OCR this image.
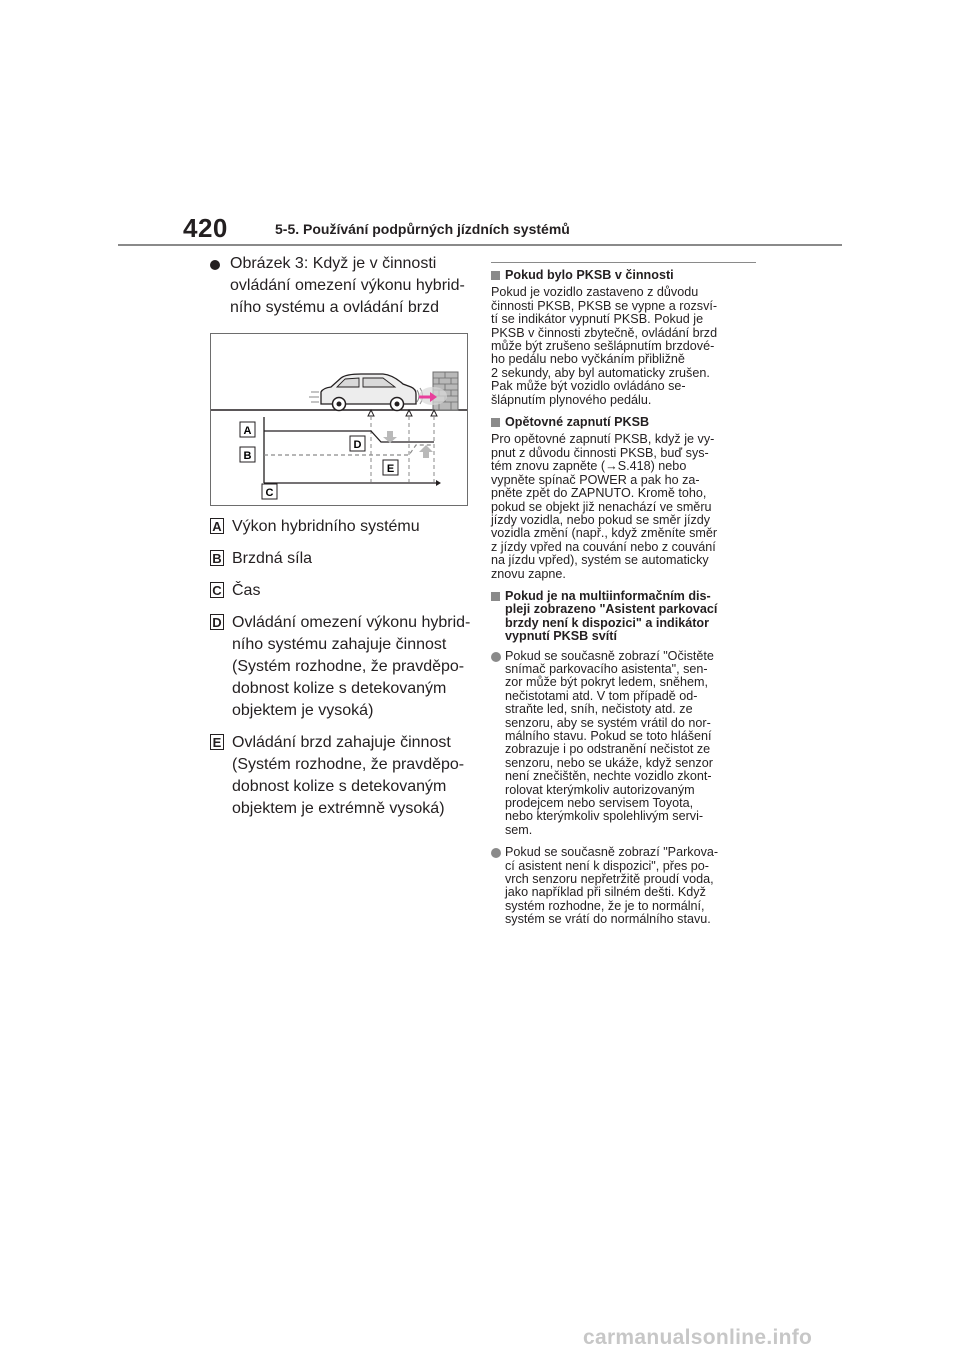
420	5-5. Používání podpůrných jízdních systémů
Obrázek 3: Když je v činnosti
ovládání omezení výkonu hybrid-
ního systému a ovládání brzd
A
B
C
D
E
A Výkon hybridního systému
B Brzdná síla
C Čas
D Ovládání omezení výkonu hybrid-
ního systému zahajuje činnost
(Systém rozhodne, že pravděpo-
dobnost kolize s detekovaným
objektem je vysoká)
E Ovládání brzd zahajuje činnost
(Systém rozhodne, že pravděpo-
dobnost kolize s detekovaným
objektem je extrémně vysoká)
Pokud bylo PKSB v činnosti
Pokud je vozidlo zastaveno z důvodu
činnosti PKSB, PKSB se vypne a rozsví-
tí se indikátor vypnutí PKSB. Pokud je
PKSB v činnosti zbytečně, ovládání brzd
může být zrušeno sešlápnutím brzdové-
ho pedálu nebo vyčkáním přibližně
2 sekundy, aby byl automaticky zrušen.
Pak může být vozidlo ovládáno se-
šlápnutím plynového pedálu.
Opětovné zapnutí PKSB
Pro opětovné zapnutí PKSB, když je vy-
pnut z důvodu činnosti PKSB, buď sys-
tém znovu zapněte (→S.418) nebo
vypněte spínač POWER a pak ho za-
pněte zpět do ZAPNUTO. Kromě toho,
pokud se objekt již nenachází ve směru
jízdy vozidla, nebo pokud se směr jízdy
vozidla změní (např., když změníte směr
z jízdy vpřed na couvání nebo z couvání
na jízdu vpřed), systém se automaticky
znovu zapne.
Pokud je na multiinformačním dis-
pleji zobrazeno "Asistent parkovací
brzdy není k dispozici" a indikátor
vypnutí PKSB svítí
Pokud se současně zobrazí "Očistěte
snímač parkovacího asistenta", sen-
zor může být pokryt ledem, sněhem,
nečistotami atd. V tom případě od-
straňte led, sníh, nečistoty atd. ze
senzoru, aby se systém vrátil do nor-
málního stavu. Pokud se toto hlášení
zobrazuje i po odstranění nečistot ze
senzoru, nebo se ukáže, když senzor
není znečištěn, nechte vozidlo zkont-
rolovat kterýmkoliv autorizovaným
prodejcem nebo servisem Toyota,
nebo kterýmkoliv spolehlivým servi-
sem.
Pokud se současně zobrazí "Parkova-
cí asistent není k dispozici", přes po-
vrch senzoru nepřetržitě proudí voda,
jako například při silném dešti. Když
systém rozhodne, že je to normální,
systém se vrátí do normálního stavu.
carmanualsonline.info
